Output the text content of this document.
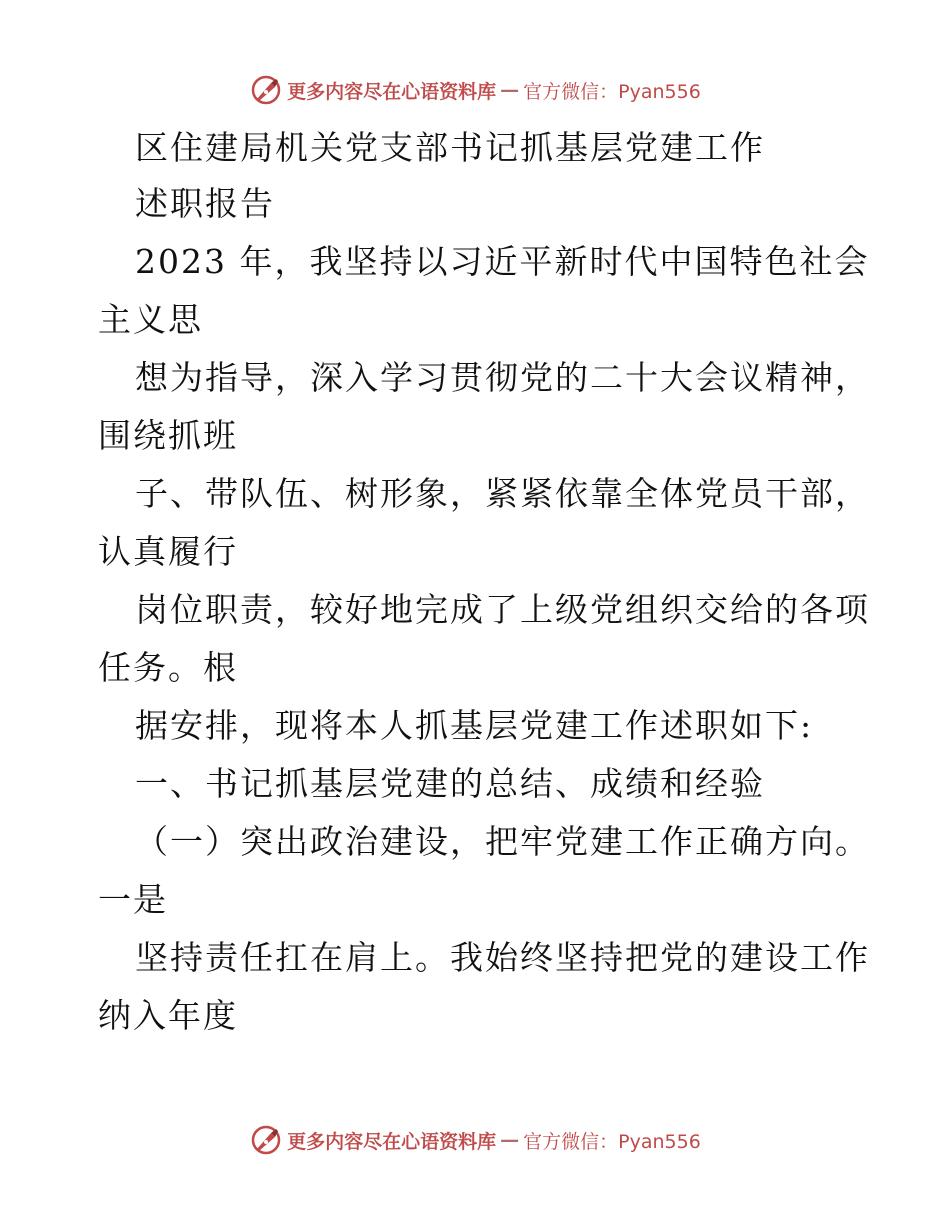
更多内容尽在心语资料库 — 官方微信：Pyan556
区住建局机关党支部书记抓基层党建工作
述职报告
2023 年，我坚持以习近平新时代中国特色社会
主义思
想为指导，深入学习贯彻党的二十大会议精神，
围绕抓班
子、带队伍、树形象，紧紧依靠全体党员干部，
认真履行
岗位职责，较好地完成了上级党组织交给的各项
任务。根
据安排，现将本人抓基层党建工作述职如下:
一、书记抓基层党建的总结、成绩和经验
（一）突出政治建设，把牢党建工作正确方向。
一是
坚持责任扛在肩上。我始终坚持把党的建设工作
纳入年度
更多内容尽在心语资料库 — 官方微信：Pyan556
